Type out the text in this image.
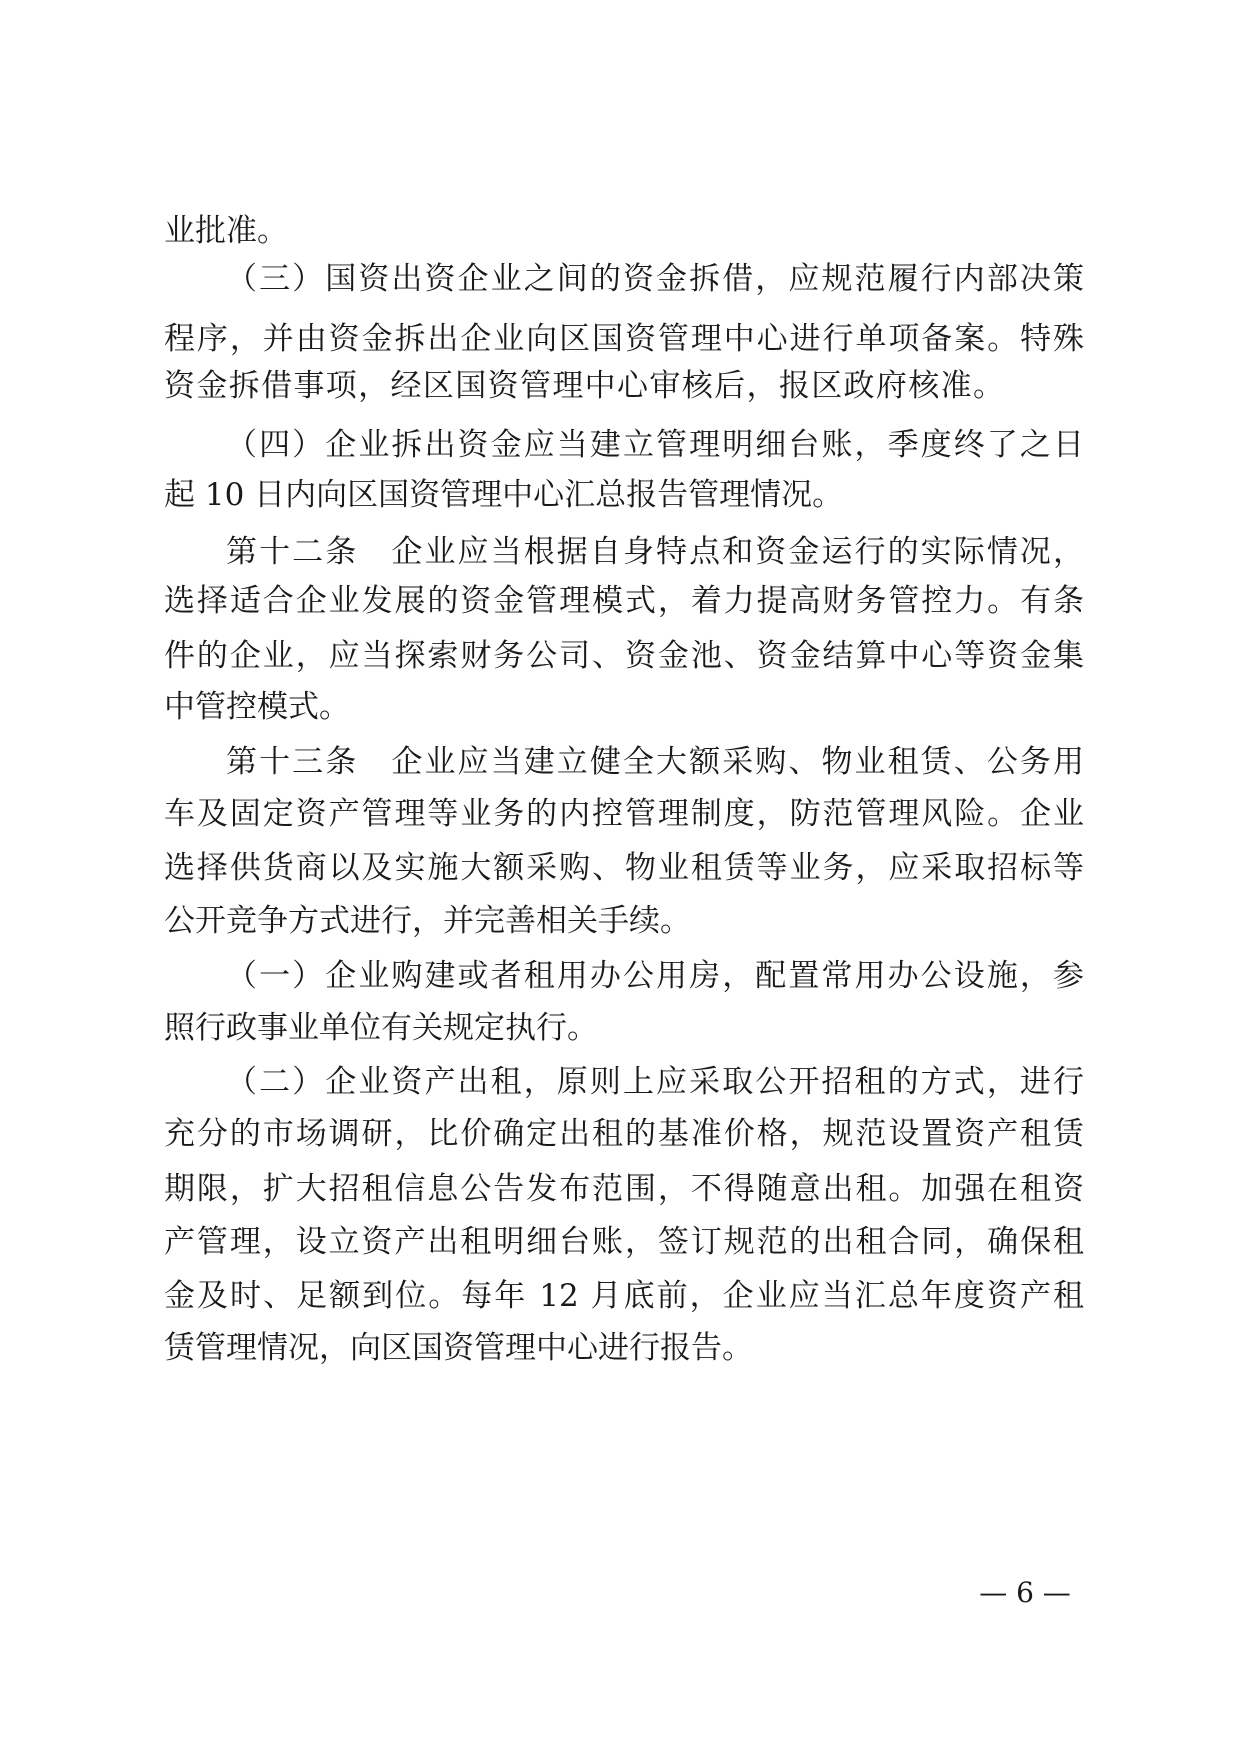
业批准。
（三）国资出资企业之间的资金拆借，应规范履行内部决策
程序，并由资金拆出企业向区国资管理中心进行单项备案。特殊
资金拆借事项，经区国资管理中心审核后，报区政府核准。
（四）企业拆出资金应当建立管理明细台账，季度终了之日
起 10 日内向区国资管理中心汇总报告管理情况。
第十二条　企业应当根据自身特点和资金运行的实际情况，
选择适合企业发展的资金管理模式，着力提高财务管控力。有条
件的企业，应当探索财务公司、资金池、资金结算中心等资金集
中管控模式。
第十三条　企业应当建立健全大额采购、物业租赁、公务用
车及固定资产管理等业务的内控管理制度，防范管理风险。企业
选择供货商以及实施大额采购、物业租赁等业务，应采取招标等
公开竞争方式进行，并完善相关手续。
（一）企业购建或者租用办公用房，配置常用办公设施，参
照行政事业单位有关规定执行。
（二）企业资产出租，原则上应采取公开招租的方式，进行
充分的市场调研，比价确定出租的基准价格，规范设置资产租赁
期限，扩大招租信息公告发布范围，不得随意出租。加强在租资
产管理，设立资产出租明细台账，签订规范的出租合同，确保租
金及时、足额到位。每年 12 月底前，企业应当汇总年度资产租
赁管理情况，向区国资管理中心进行报告。
— 6 —
